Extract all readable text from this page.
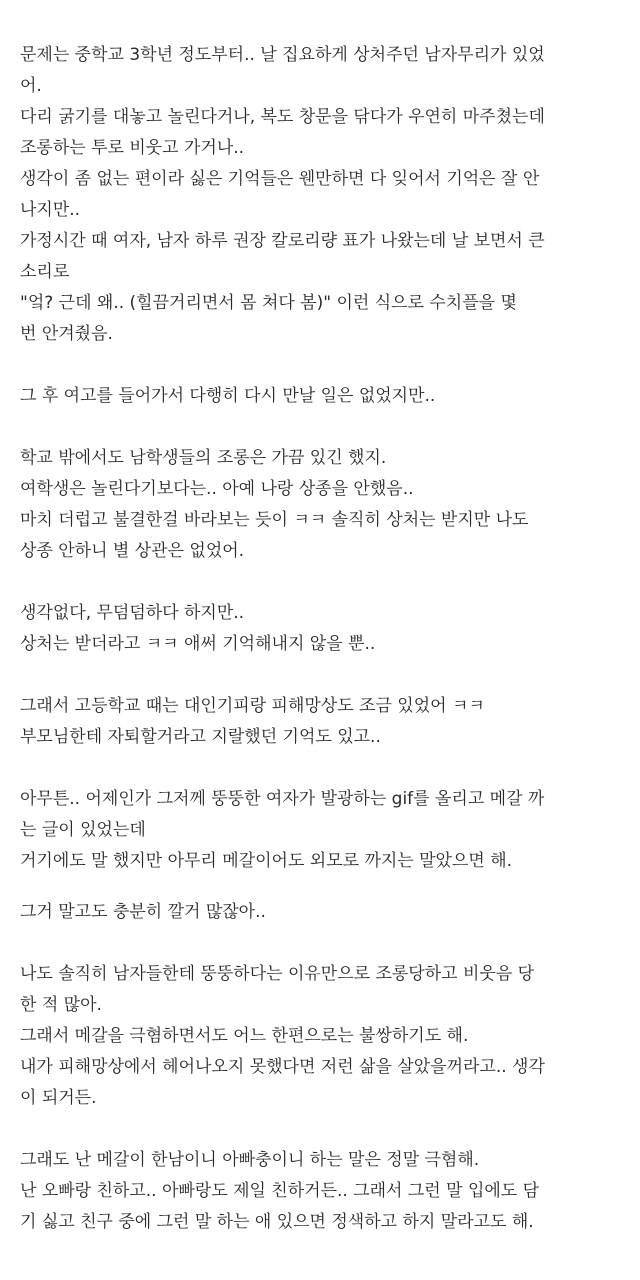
문제는 중학교 3학년 정도부터.. 날 집요하게 상처주던 남자무리가 있었
어.
다리 굵기를 대놓고 놀린다거나, 복도 창문을 닦다가 우연히 마주쳤는데
조롱하는 투로 비웃고 가거나..
생각이 좀 없는 편이라 싫은 기억들은 웬만하면 다 잊어서 기억은 잘 안
나지만..
가정시간 때 여자, 남자 하루 권장 칼로리량 표가 나왔는데 날 보면서 큰
소리로
"엌? 근데 왜.. (힐끔거리면서 몸 쳐다 봄)" 이런 식으로 수치플을 몇
번 안겨줬음.
그 후 여고를 들어가서 다행히 다시 만날 일은 없었지만..
학교 밖에서도 남학생들의 조롱은 가끔 있긴 했지.
여학생은 놀린다기보다는.. 아예 나랑 상종을 안했음..
마치 더럽고 불결한걸 바라보는 듯이 ㅋㅋ 솔직히 상처는 받지만 나도
상종 안하니 별 상관은 없었어.
생각없다, 무덤덤하다 하지만..
상처는 받더라고 ㅋㅋ 애써 기억해내지 않을 뿐..
그래서 고등학교 때는 대인기피랑 피해망상도 조금 있었어 ㅋㅋ
부모님한테 자퇴할거라고 지랄했던 기억도 있고..
아무튼.. 어제인가 그저께 뚱뚱한 여자가 발광하는 gif를 올리고 메갈 까
는 글이 있었는데
거기에도 말 했지만 아무리 메갈이어도 외모로 까지는 말았으면 해.
그거 말고도 충분히 깔거 많잖아..
나도 솔직히 남자들한테 뚱뚱하다는 이유만으로 조롱당하고 비웃음 당
한 적 많아.
그래서 메갈을 극혐하면서도 어느 한편으로는 불쌍하기도 해.
내가 피해망상에서 헤어나오지 못했다면 저런 삶을 살았을꺼라고.. 생각
이 되거든.
그래도 난 메갈이 한남이니 아빠충이니 하는 말은 정말 극혐해.
난 오빠랑 친하고.. 아빠랑도 제일 친하거든.. 그래서 그런 말 입에도 담
기 싫고 친구 중에 그런 말 하는 애 있으면 정색하고 하지 말라고도 해.
